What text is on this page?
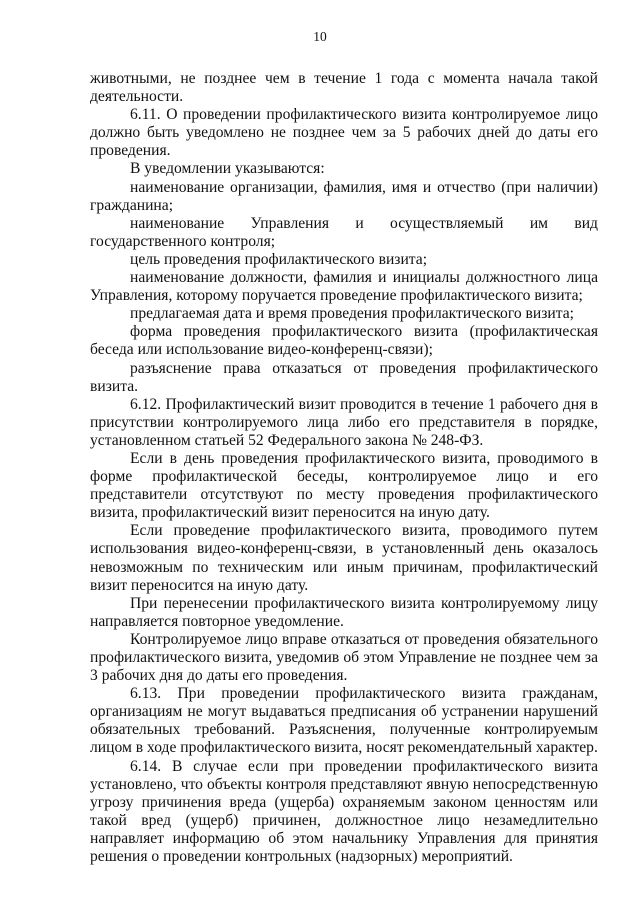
10

животными, не позднее чем в течение 1 года с момента начала такой деятельности.

6.11. О проведении профилактического визита контролируемое лицо должно быть уведомлено не позднее чем за 5 рабочих дней до даты его проведения.

В уведомлении указываются:

наименование организации, фамилия, имя и отчество (при наличии) гражданина;

наименование Управления и осуществляемый им вид государственного контроля;

цель проведения профилактического визита;

наименование должности, фамилия и инициалы должностного лица Управления, которому поручается проведение профилактического визита;

предлагаемая дата и время проведения профилактического визита;

форма проведения профилактического визита (профилактическая беседа или использование видео-конференц-связи);

разъяснение права отказаться от проведения профилактического визита.

6.12. Профилактический визит проводится в течение 1 рабочего дня в присутствии контролируемого лица либо его представителя в порядке, установленном статьей 52 Федерального закона № 248-ФЗ.

Если в день проведения профилактического визита, проводимого в форме профилактической беседы, контролируемое лицо и его представители отсутствуют по месту проведения профилактического визита, профилактический визит переносится на иную дату.

Если проведение профилактического визита, проводимого путем использования видео-конференц-связи, в установленный день оказалось невозможным по техническим или иным причинам, профилактический визит переносится на иную дату.

При перенесении профилактического визита контролируемому лицу направляется повторное уведомление.

Контролируемое лицо вправе отказаться от проведения обязательного профилактического визита, уведомив об этом Управление не позднее чем за 3 рабочих дня до даты его проведения.

6.13. При проведении профилактического визита гражданам, организациям не могут выдаваться предписания об устранении нарушений обязательных требований. Разъяснения, полученные контролируемым лицом в ходе профилактического визита, носят рекомендательный характер.

6.14. В случае если при проведении профилактического визита установлено, что объекты контроля представляют явную непосредственную угрозу причинения вреда (ущерба) охраняемым законом ценностям или такой вред (ущерб) причинен, должностное лицо незамедлительно направляет информацию об этом начальнику Управления для принятия решения о проведении контрольных (надзорных) мероприятий.
